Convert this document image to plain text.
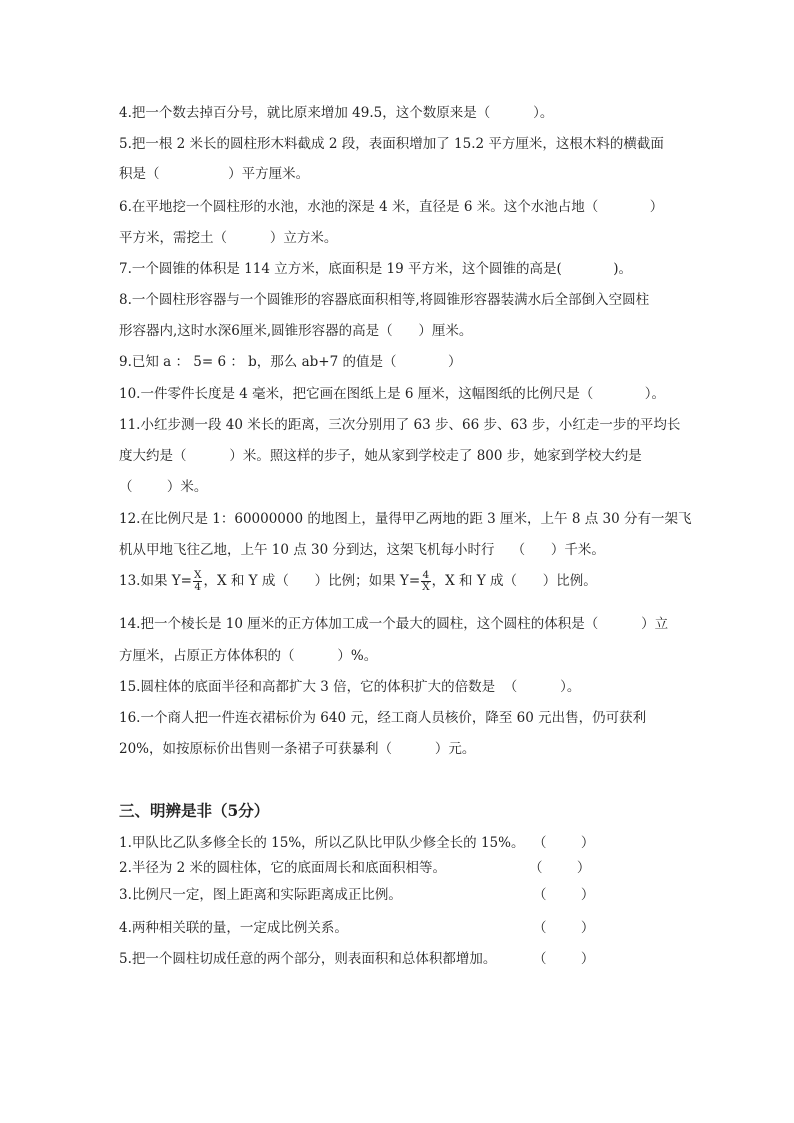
4.把一个数去掉百分号，就比原来增加 49.5，这个数原来是（          ）。

5.把一根 2 米长的圆柱形木料截成 2 段，表面积增加了 15.2 平方厘米，这根木料的横截面

积是（                ）平方厘米。

6.在平地挖一个圆柱形的水池，水池的深是 4 米，直径是 6 米。这个水池占地（            ）

平方米，需挖土（          ）立方米。

7.一个圆锥的体积是 114 立方米，底面积是 19 平方米，这个圆锥的高是(            )。

8.一个圆柱形容器与一个圆锥形的容器底面积相等,将圆锥形容器装满水后全部倒入空圆柱

形容器内,这时水深6厘米,圆锥形容器的高是（      ）厘米。

9.已知 a ： 5= 6 ： b，那么 ab+7 的值是（            ）

10.一件零件长度是 4 毫米，把它画在图纸上是 6 厘米，这幅图纸的比例尺是（            ）。

11.小红步测一段 40 米长的距离，三次分别用了 63 步、66 步、63 步，小红走一步的平均长

度大约是（          ）米。照这样的步子，她从家到学校走了 800 步，她家到学校大约是

（        ）米。

12.在比例尺是 1：60000000 的地图上，量得甲乙两地的距 3 厘米，上午 8 点 30 分有一架飞

机从甲地飞往乙地，上午 10 点 30 分到达，这架飞机每小时行    （      ）千米。

13.如果 $Y= \frac{X}{4}$ ，X 和 Y 成（      ）比例；如果 $Y= \frac{4}{X}$ ，X 和 Y 成（      ）比例。

14.把一个棱长是 10 厘米的正方体加工成一个最大的圆柱，这个圆柱的体积是（          ）立

方厘米，占原正方体体积的（          ）%。

15.圆柱体的底面半径和高都扩大 3 倍，它的体积扩大的倍数是  （          ）。

16.一个商人把一件连衣裙标价为 640 元，经工商人员核价，降至 60 元出售，仍可获利

20%，如按原标价出售则一条裙子可获暴利（          ）元。

三、明辨是非（5分）

1.甲队比乙队多修全长的 15%，所以乙队比甲队少修全长的 15%。 （        ）
2.半径为 2 米的圆柱体，它的底面周长和底面积相等。	（        ）
3.比例尺一定，图上距离和实际距离成正比例。	（        ）
4.两种相关联的量，一定成比例关系。	（        ）
5.把一个圆柱切成任意的两个部分，则表面积和总体积都增加。	（        ）
